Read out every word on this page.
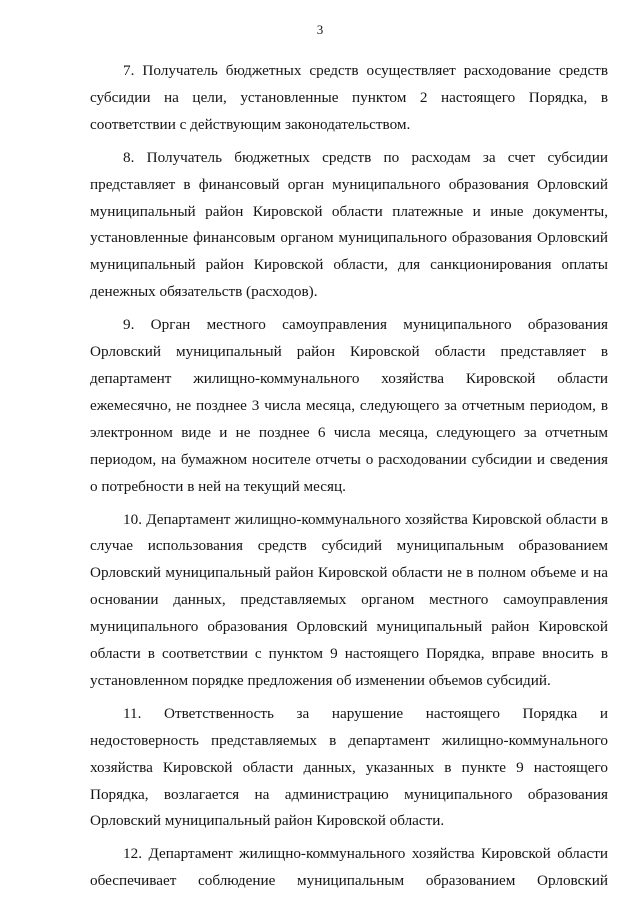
3

7. Получатель бюджетных средств осуществляет расходование средств субсидии на цели, установленные пунктом 2 настоящего Порядка, в соответствии с действующим законодательством.

8. Получатель бюджетных средств по расходам за счет субсидии представляет в финансовый орган муниципального образования Орловский муниципальный район Кировской области платежные и иные документы, установленные финансовым органом муниципального образования Орловский муниципальный район Кировской области, для санкционирования оплаты денежных обязательств (расходов).

9. Орган местного самоуправления муниципального образования Орловский муниципальный район Кировской области представляет в департамент жилищно-коммунального хозяйства Кировской области ежемесячно, не позднее 3 числа месяца, следующего за отчетным периодом, в электронном виде и не позднее 6 числа месяца, следующего за отчетным периодом, на бумажном носителе отчеты о расходовании субсидии и сведения о потребности в ней на текущий месяц.

10. Департамент жилищно-коммунального хозяйства Кировской области в случае использования средств субсидий муниципальным образованием Орловский муниципальный район Кировской области не в полном объеме и на основании данных, представляемых органом местного самоуправления муниципального образования Орловский муниципальный район Кировской области в соответствии с пунктом 9 настоящего Порядка, вправе вносить в установленном порядке предложения об изменении объемов субсидий.

11. Ответственность за нарушение настоящего Порядка и недостоверность представляемых в департамент жилищно-коммунального хозяйства Кировской области данных, указанных в пункте 9 настоящего Порядка, возлагается на администрацию муниципального образования Орловский муниципальный район Кировской области.

12. Департамент жилищно-коммунального хозяйства Кировской области обеспечивает соблюдение муниципальным образованием Орловский
